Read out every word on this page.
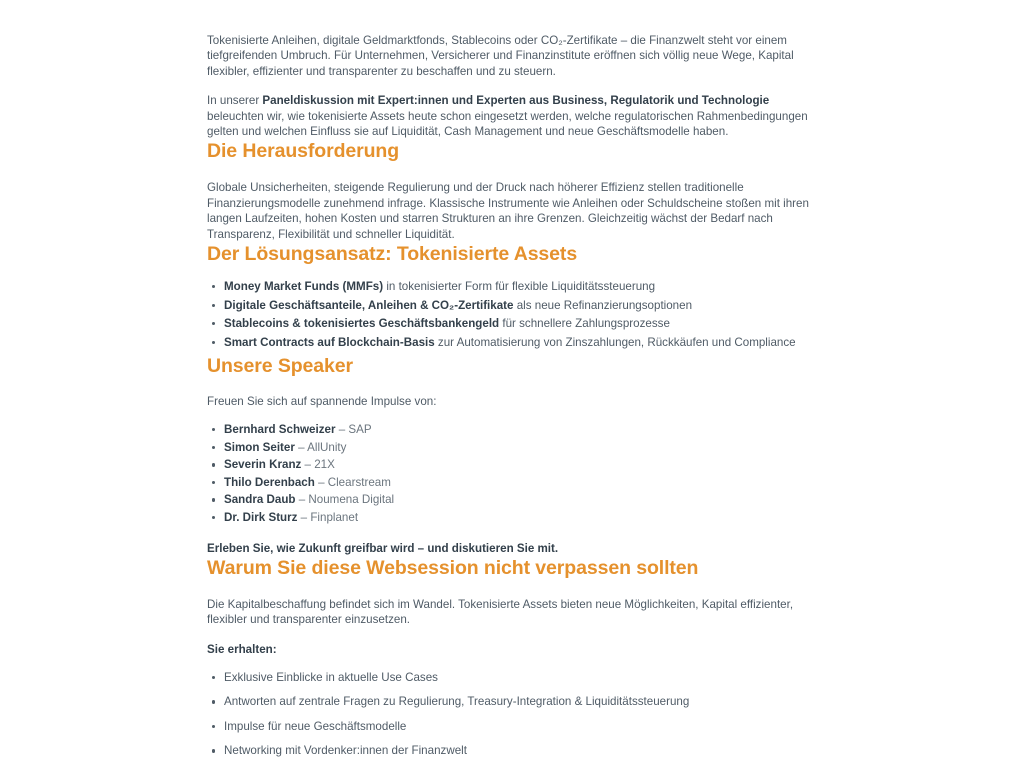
Tokenisierte Anleihen, digitale Geldmarktfonds, Stablecoins oder CO₂-Zertifikate – die Finanzwelt steht vor einem tiefgreifenden Umbruch. Für Unternehmen, Versicherer und Finanzinstitute eröffnen sich völlig neue Wege, Kapital flexibler, effizienter und transparenter zu beschaffen und zu steuern.

In unserer Paneldiskussion mit Expert:innen und Experten aus Business, Regulatorik und Technologie beleuchten wir, wie tokenisierte Assets heute schon eingesetzt werden, welche regulatorischen Rahmenbedingungen gelten und welchen Einfluss sie auf Liquidität, Cash Management und neue Geschäftsmodelle haben.

Die Herausforderung

Globale Unsicherheiten, steigende Regulierung und der Druck nach höherer Effizienz stellen traditionelle Finanzierungsmodelle zunehmend infrage. Klassische Instrumente wie Anleihen oder Schuldscheine stoßen mit ihren langen Laufzeiten, hohen Kosten und starren Strukturen an ihre Grenzen. Gleichzeitig wächst der Bedarf nach Transparenz, Flexibilität und schneller Liquidität.

Der Lösungsansatz: Tokenisierte Assets
Money Market Funds (MMFs) in tokenisierter Form für flexible Liquiditätssteuerung
Digitale Geschäftsanteile, Anleihen & CO₂-Zertifikate als neue Refinanzierungsoptionen
Stablecoins & tokenisiertes Geschäftsbankengeld für schnellere Zahlungsprozesse
Smart Contracts auf Blockchain-Basis zur Automatisierung von Zinszahlungen, Rückkäufen und Compliance
Unsere Speaker
Freuen Sie sich auf spannende Impulse von:
Bernhard Schweizer – SAP
Simon Seiter – AllUnity
Severin Kranz – 21X
Thilo Derenbach – Clearstream
Sandra Daub – Noumena Digital
Dr. Dirk Sturz – Finplanet
Erleben Sie, wie Zukunft greifbar wird – und diskutieren Sie mit.
Warum Sie diese Websession nicht verpassen sollten

Die Kapitalbeschaffung befindet sich im Wandel. Tokenisierte Assets bieten neue Möglichkeiten, Kapital effizienter, flexibler und transparenter einzusetzen.

Sie erhalten:
Exklusive Einblicke in aktuelle Use Cases
Antworten auf zentrale Fragen zu Regulierung, Treasury-Integration & Liquiditätssteuerung
Impulse für neue Geschäftsmodelle
Networking mit Vordenker:innen der Finanzwelt
